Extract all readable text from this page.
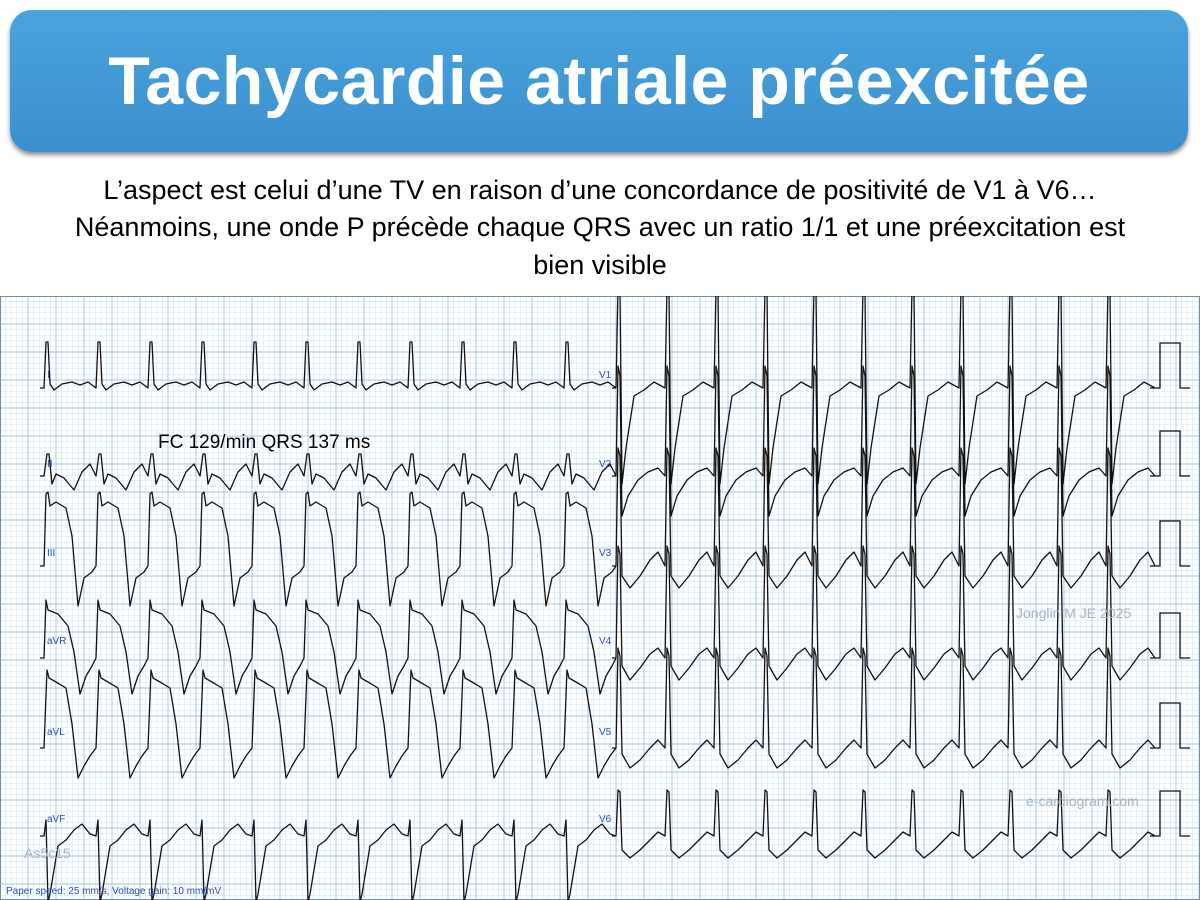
Tachycardie atriale préexcitée
L’aspect est celui d’une TV en raison d’une concordance de positivité de V1 à V6…
Néanmoins, une onde P précède chaque QRS avec un ratio 1/1 et une préexcitation est
bien visible
I
II
III
aVR
aVL
aVF
V1
V2
V3
V4
V5
V6
FC 129/min QRS 137 ms
Jonglin M JE 2025
e-cardiogram.com
As5c15
Paper speed: 25 mm/s, Voltage gain: 10 mm/mV
